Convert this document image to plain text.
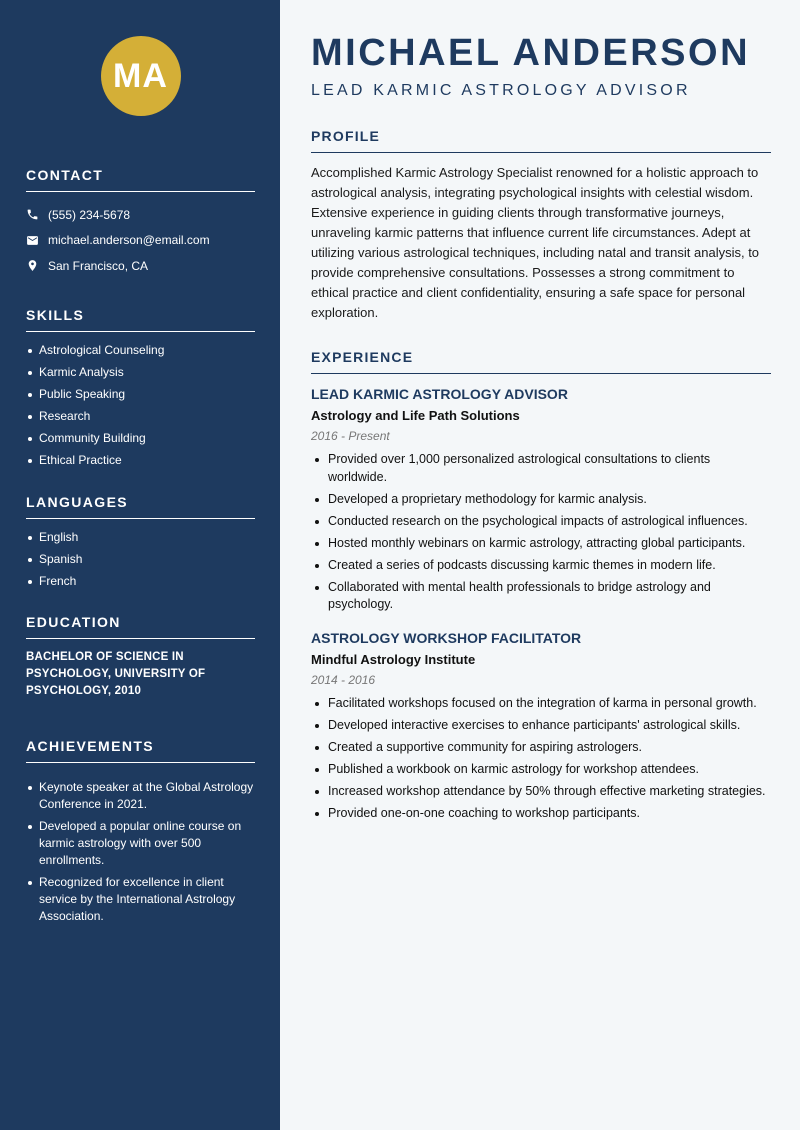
MA
CONTACT
(555) 234-5678
michael.anderson@email.com
San Francisco, CA
SKILLS
Astrological Counseling
Karmic Analysis
Public Speaking
Research
Community Building
Ethical Practice
LANGUAGES
English
Spanish
French
EDUCATION

BACHELOR OF SCIENCE IN PSYCHOLOGY, UNIVERSITY OF PSYCHOLOGY, 2010

ACHIEVEMENTS
Keynote speaker at the Global Astrology Conference in 2021.
Developed a popular online course on karmic astrology with over 500 enrollments.
Recognized for excellence in client service by the International Astrology Association.
MICHAEL ANDERSON
LEAD KARMIC ASTROLOGY ADVISOR
PROFILE

Accomplished Karmic Astrology Specialist renowned for a holistic approach to astrological analysis, integrating psychological insights with celestial wisdom. Extensive experience in guiding clients through transformative journeys, unraveling karmic patterns that influence current life circumstances. Adept at utilizing various astrological techniques, including natal and transit analysis, to provide comprehensive consultations. Possesses a strong commitment to ethical practice and client confidentiality, ensuring a safe space for personal exploration.

EXPERIENCE
LEAD KARMIC ASTROLOGY ADVISOR
Astrology and Life Path Solutions
2016 - Present
Provided over 1,000 personalized astrological consultations to clients worldwide.
Developed a proprietary methodology for karmic analysis.
Conducted research on the psychological impacts of astrological influences.
Hosted monthly webinars on karmic astrology, attracting global participants.
Created a series of podcasts discussing karmic themes in modern life.
Collaborated with mental health professionals to bridge astrology and psychology.
ASTROLOGY WORKSHOP FACILITATOR
Mindful Astrology Institute
2014 - 2016
Facilitated workshops focused on the integration of karma in personal growth.
Developed interactive exercises to enhance participants' astrological skills.
Created a supportive community for aspiring astrologers.
Published a workbook on karmic astrology for workshop attendees.
Increased workshop attendance by 50% through effective marketing strategies.
Provided one-on-one coaching to workshop participants.
